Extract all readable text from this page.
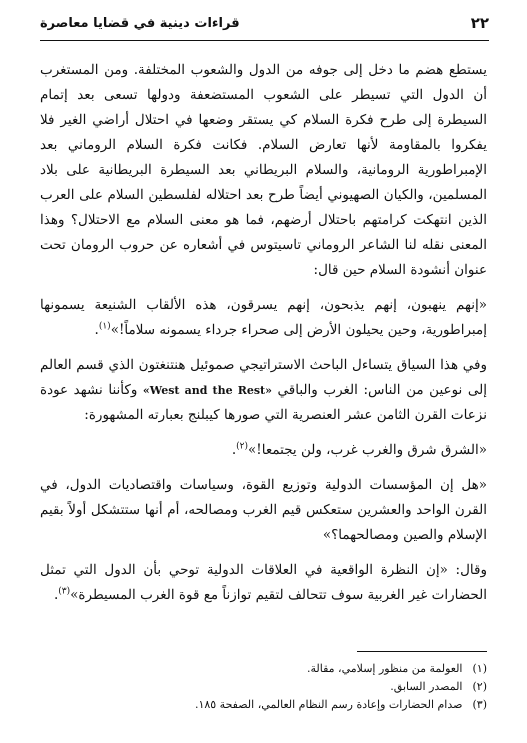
قراءات دينية في قضايا معاصرة	٢٢

يستطع هضم ما دخل إلى جوفه من الدول والشعوب المختلفة. ومن المستغرب أن الدول التي تسيطر على الشعوب المستضعفة ودولها تسعى بعد إتمام السيطرة إلى طرح فكرة السلام كي يستقر وضعها في احتلال أراضي الغير فلا يفكروا بالمقاومة لأنها تعارض السلام. فكانت فكرة السلام الروماني بعد الإمبراطورية الرومانية، والسلام البريطاني بعد السيطرة البريطانية على بلاد المسلمين، والكيان الصهيوني أيضاً طرح بعد احتلاله لفلسطين السلام على العرب الذين انتهكت كرامتهم باحتلال أرضهم، فما هو معنى السلام مع الاحتلال؟ وهذا المعنى نقله لنا الشاعر الروماني تاسيتوس في أشعاره عن حروب الرومان تحت عنوان أنشودة السلام حين قال:

«إنهم ينهبون، إنهم يذبحون، إنهم يسرقون، هذه الألقاب الشنيعة يسمونها إمبراطورية، وحين يحيلون الأرض إلى صحراء جرداء يسمونه سلاماً!»$^{(١)}$.

وفي هذا السياق يتساءل الباحث الاستراتيجي صموئيل هنتنغتون الذي قسم العالم إلى نوعين من الناس: الغرب والباقي «West and the Rest» وكأننا نشهد عودة نزعات القرن الثامن عشر العنصرية التي صورها كيبلنج بعبارته المشهورة:

«الشرق شرق والغرب غرب، ولن يجتمعا!»$^{(٢)}$.

«هل إن المؤسسات الدولية وتوزيع القوة، وسياسات واقتصاديات الدول، في القرن الواحد والعشرين ستعكس قيم الغرب ومصالحه، أم أنها ستتشكل أولاً بقيم الإسلام والصين ومصالحهما؟»

وقال: «إن النظرة الواقعية في العلاقات الدولية توحي بأن الدول التي تمثل الحضارات غير الغربية سوف تتحالف لتقيم توازناً مع قوة الغرب المسيطرة»$^{(٣)}$.

(١)العولمة من منظور إسلامي، مقالة.
(٢)المصدر السابق.
(٣)صدام الحضارات وإعادة رسم النظام العالمي، الصفحة ١٨٥.
